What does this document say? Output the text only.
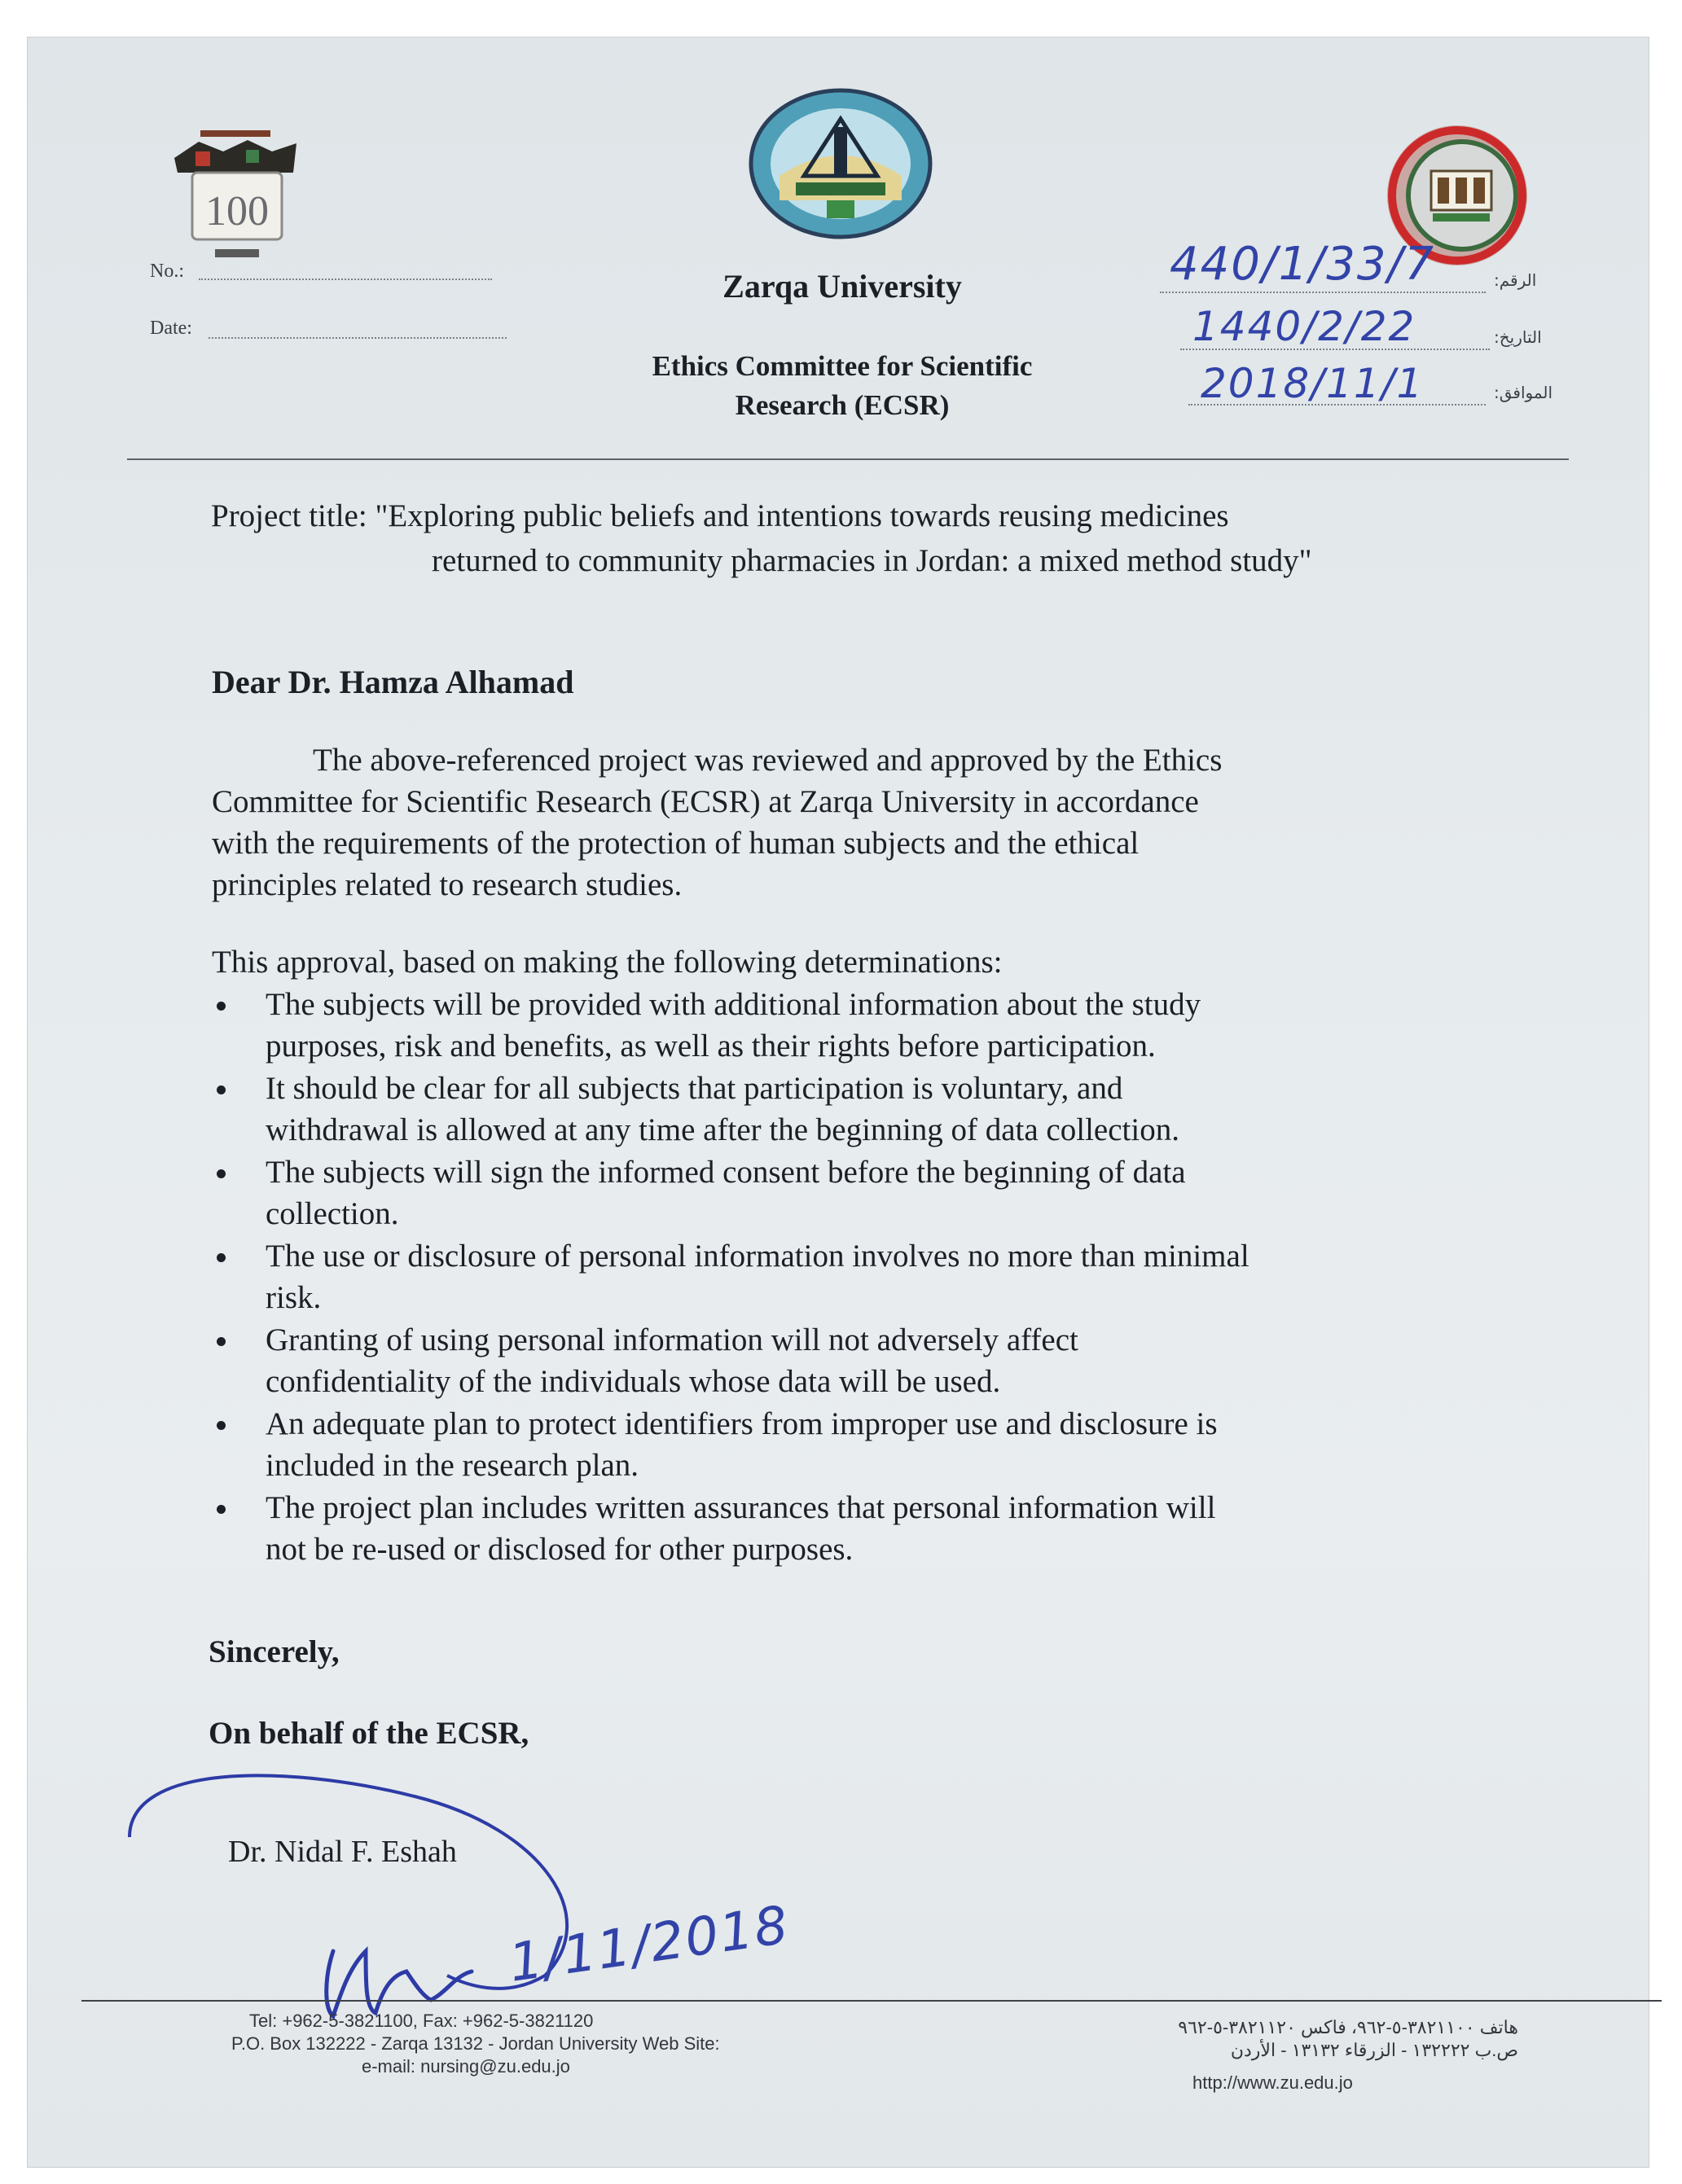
100
No.:
Date:
Zarqa University
Ethics Committee for Scientific
Research (ECSR)
الرقم:
440/1/33/7
التاريخ:
1440/2/22
الموافق:
2018/11/1
Project title: "Exploring public beliefs and intentions towards reusing medicines
returned to community pharmacies in Jordan: a mixed method study"
Dear Dr. Hamza Alhamad
The above-referenced project was reviewed and approved by the Ethics
Committee for Scientific Research (ECSR) at Zarqa University in accordance
with the requirements of the protection of human subjects and the ethical
principles related to research studies.
This approval, based on making the following determinations:
The subjects will be provided with additional information about the study
purposes, risk and benefits, as well as their rights before participation.
It should be clear for all subjects that participation is voluntary, and
withdrawal is allowed at any time after the beginning of data collection.
The subjects will sign the informed consent before the beginning of data
collection.
The use or disclosure of personal information involves no more than minimal
risk.
Granting of using personal information will not adversely affect
confidentiality of the individuals whose data will be used.
An adequate plan to protect identifiers from improper use and disclosure is
included in the research plan.
The project plan includes written assurances that personal information will
not be re-used or disclosed for other purposes.
Sincerely,
On behalf of the ECSR,
Dr. Nidal F. Eshah
1/11/2018
Tel: +962-5-3821100, Fax: +962-5-3821120
P.O. Box 132222 - Zarqa 13132 - Jordan University Web Site:
e-mail: nursing@zu.edu.jo
هاتف ٣٨٢١١٠٠-٥-٩٦٢، فاكس ٣٨٢١١٢٠-٥-٩٦٢
ص.ب ١٣٢٢٢٢ - الزرقاء ١٣١٣٢ - الأردن
http://www.zu.edu.jo
